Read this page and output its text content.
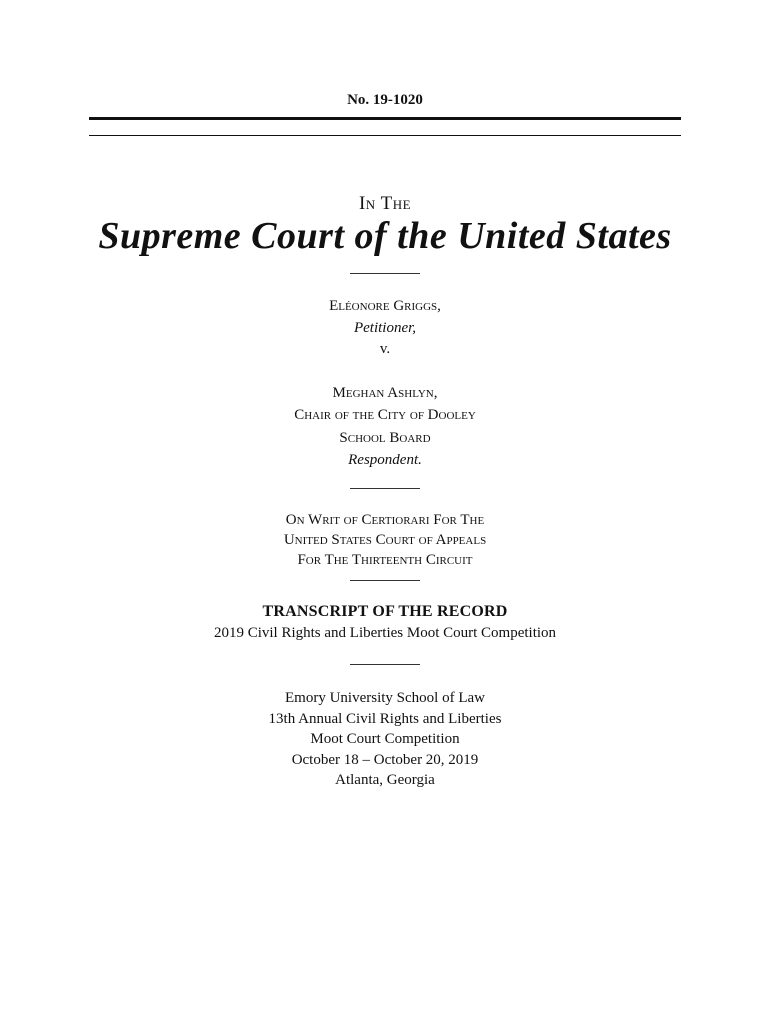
No. 19-1020
In The
Supreme Court of the United States
Eléonore Griggs,
Petitioner,
v.
Meghan Ashlyn,
Chair of the City of Dooley
School Board
Respondent.
On Writ of Certiorari For The
United States Court of Appeals
For The Thirteenth Circuit
TRANSCRIPT OF THE RECORD
2019 Civil Rights and Liberties Moot Court Competition
Emory University School of Law
13th Annual Civil Rights and Liberties
Moot Court Competition
October 18 – October 20, 2019
Atlanta, Georgia
